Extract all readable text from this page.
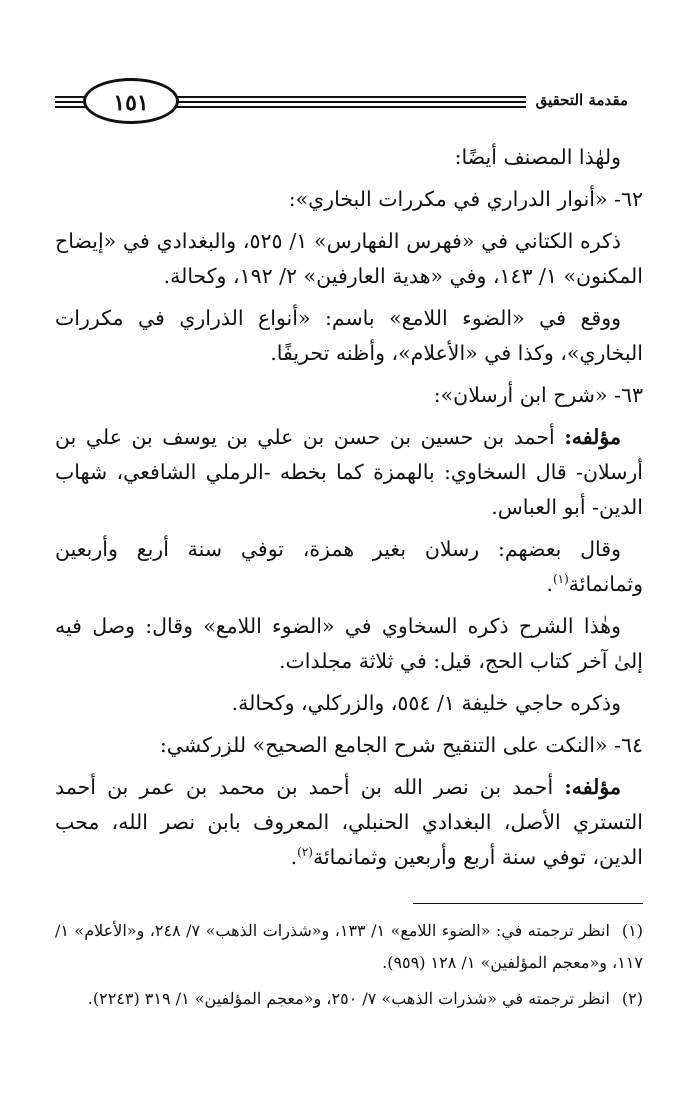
مقدمة التحقيق
١٥١

ولهٰذا المصنف أيضًا:

٦٢- «أنوار الدراري في مكررات البخاري»:

ذكره الكتاني في «فهرس الفهارس» ١/ ٥٢٥، والبغدادي في «إيضاح المكنون» ١/ ١٤٣، وفي «هدية العارفين» ٢/ ١٩٢، وكحالة.

ووقع في «الضوء اللامع» باسم: «أنواع الذراري في مكررات البخاري»، وكذا في «الأعلام»، وأظنه تحريفًا.

٦٣- «شرح ابن أرسلان»:

مؤلفه: أحمد بن حسين بن حسن بن علي بن يوسف بن علي بن أرسلان- قال السخاوي: بالهمزة كما بخطه -الرملي الشافعي، شهاب الدين- أبو العباس.

وقال بعضهم: رسلان بغير همزة، توفي سنة أربع وأربعين وثمانمائة$^{(١)}$.

وهٰذا الشرح ذكره السخاوي في «الضوء اللامع» وقال: وصل فيه إلىٰ آخر كتاب الحج، قيل: في ثلاثة مجلدات.

وذكره حاجي خليفة ١/ ٥٥٤، والزركلي، وكحالة.

٦٤- «النكت على التنقيح شرح الجامع الصحيح» للزركشي:

مؤلفه: أحمد بن نصر الله بن أحمد بن محمد بن عمر بن أحمد التستري الأصل، البغدادي الحنبلي، المعروف بابن نصر الله، محب الدين، توفي سنة أربع وأربعين وثمانمائة$^{(٢)}$.

(١)انظر ترجمته في: «الضوء اللامع» ١/ ١٣٣، و«شذرات الذهب» ٧/ ٢٤٨، و«الأعلام» ١/ ١١٧، و«معجم المؤلفين» ١/ ١٢٨ (٩٥٩).

(٢)انظر ترجمته في «شذرات الذهب» ٧/ ٢٥٠، و«معجم المؤلفين» ١/ ٣١٩ (٢٢٤٣).
